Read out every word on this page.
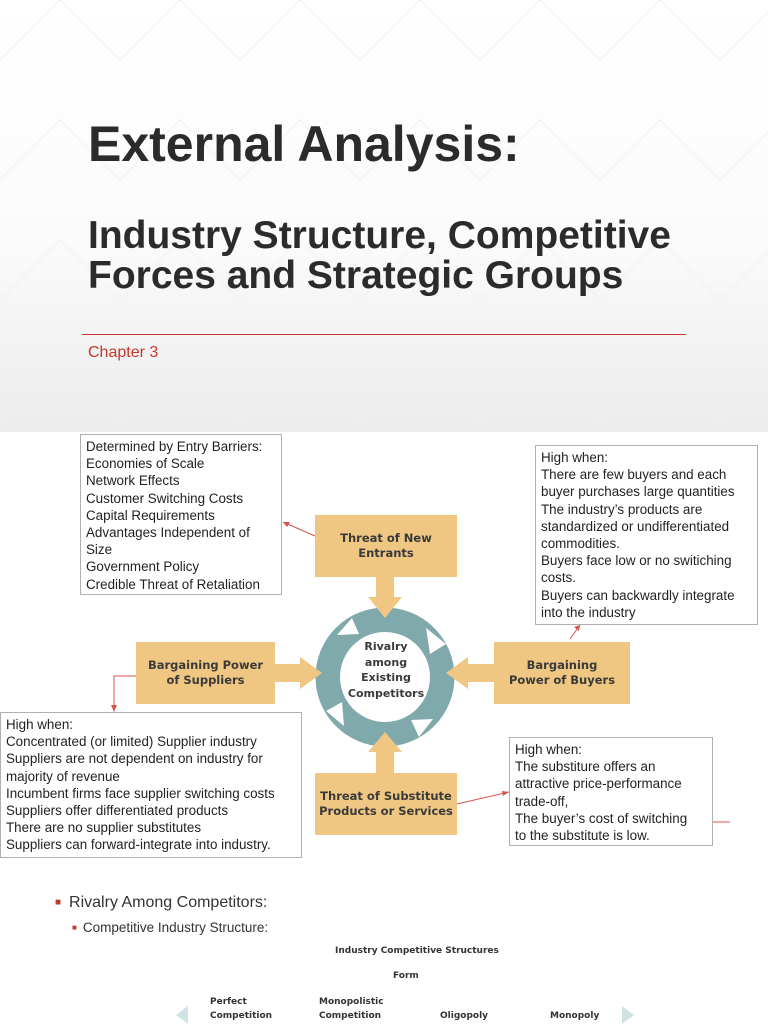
External Analysis:
Industry Structure, Competitive Forces and Strategic Groups
Chapter 3
Determined by Entry Barriers:
Economies of Scale
Network Effects
Customer Switching Costs
Capital Requirements
Advantages Independent of
Size
Government Policy
Credible Threat of Retaliation
High when:
There are few buyers and each
buyer purchases large quantities
The industry’s products are
standardized or undifferentiated
commodities.
Buyers face low or no switiching
costs.
Buyers can backwardly integrate
into the industry
High when:
Concentrated (or limited) Supplier industry
Suppliers are not dependent on industry for
majority of revenue
Incumbent firms face supplier switching costs
Suppliers offer differentiated products
There are no supplier substitutes
Suppliers can forward-integrate into industry.
High when:
The substiture offers an
attractive price-performance
trade-off,
The buyer’s cost of switching
to the substitute is low.
Threat of New
Entrants
Bargaining Power
of Suppliers
Bargaining
Power of Buyers
Threat of Substitute
Products or Services
Rivalry
among
Existing
Competitors
■ Rivalry Among Competitors:
■ Competitive Industry Structure:
Industry Competitive Structures
Form
Perfect
Competition
Monopolistic
Competition	Oligopoly	Monopoly
